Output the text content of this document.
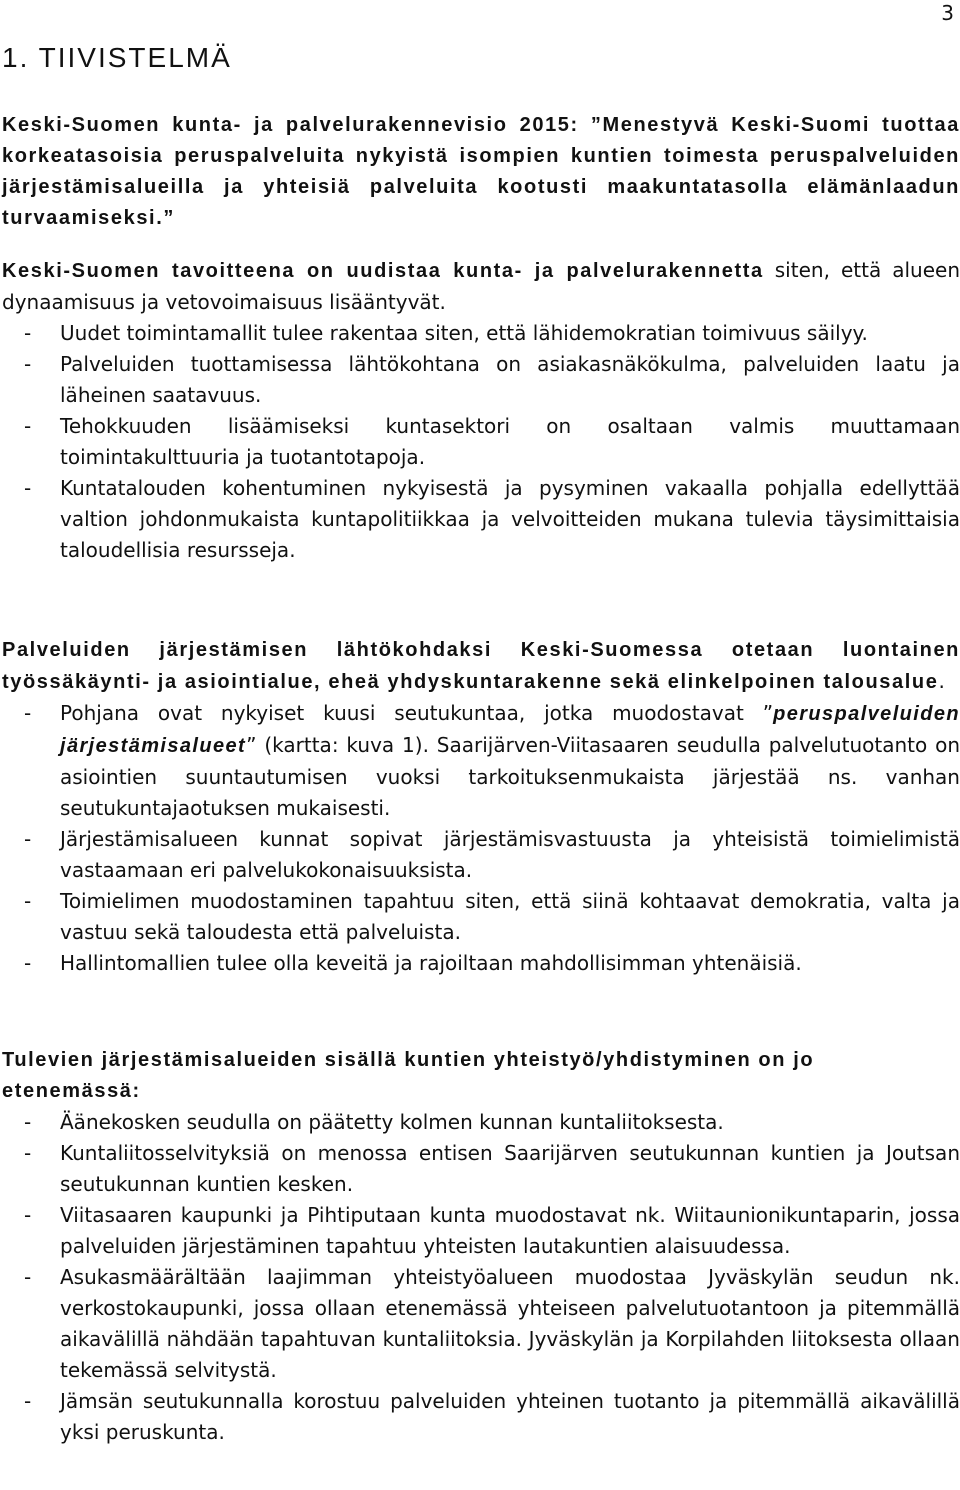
3
1. TIIVISTELMÄ

Keski-Suomen kunta- ja palvelurakennevisio 2015: ”Menestyvä Keski-Suomi tuottaa korkeatasoisia peruspalveluita nykyistä isompien kuntien toimesta peruspalveluiden järjestämisalueilla ja yhteisiä palveluita kootusti maakuntatasolla elämänlaadun turvaamiseksi.”

Keski-Suomen tavoitteena on uudistaa kunta- ja palvelurakennetta siten, että alueen dynaamisuus ja vetovoimaisuus lisääntyvät.

- Uudet toimintamallit tulee rakentaa siten, että lähidemokratian toimivuus säilyy.
- Palveluiden tuottamisessa lähtökohtana on asiakasnäkökulma, palveluiden laatu ja läheinen saatavuus.
- Tehokkuuden lisäämiseksi kuntasektori on osaltaan valmis muuttamaan toimintakulttuuria ja tuotantotapoja.
- Kuntatalouden kohentuminen nykyisestä ja pysyminen vakaalla pohjalla edellyttää valtion johdonmukaista kuntapolitiikkaa ja velvoitteiden mukana tulevia täysimittaisia taloudellisia resursseja.

Palveluiden järjestämisen lähtökohdaksi Keski-Suomessa otetaan luontainen työssäkäynti- ja asiointialue, eheä yhdyskuntarakenne sekä elinkelpoinen talousalue.

- Pohjana ovat nykyiset kuusi seutukuntaa, jotka muodostavat ”peruspalveluiden järjestämisalueet” (kartta: kuva 1). Saarijärven-Viitasaaren seudulla palvelutuotanto on asiointien suuntautumisen vuoksi tarkoituksenmukaista järjestää ns. vanhan seutukuntajaotuksen mukaisesti.
- Järjestämisalueen kunnat sopivat järjestämisvastuusta ja yhteisistä toimielimistä vastaamaan eri palvelukokonaisuuksista.
- Toimielimen muodostaminen tapahtuu siten, että siinä kohtaavat demokratia, valta ja vastuu sekä taloudesta että palveluista.
- Hallintomallien tulee olla keveitä ja rajoiltaan mahdollisimman yhtenäisiä.

Tulevien järjestämisalueiden sisällä kuntien yhteistyö/yhdistyminen on jo etenemässä:

- Äänekosken seudulla on päätetty kolmen kunnan kuntaliitoksesta.
- Kuntaliitosselvityksiä on menossa entisen Saarijärven seutukunnan kuntien ja Joutsan seutukunnan kuntien kesken.
- Viitasaaren kaupunki ja Pihtiputaan kunta muodostavat nk. Wiitaunionikuntaparin, jossa palveluiden järjestäminen tapahtuu yhteisten lautakuntien alaisuudessa.
- Asukasmäärältään laajimman yhteistyöalueen muodostaa Jyväskylän seudun nk. verkostokaupunki, jossa ollaan etenemässä yhteiseen palvelutuotantoon ja pitemmällä aikavälillä nähdään tapahtuvan kuntaliitoksia. Jyväskylän ja Korpilahden liitoksesta ollaan tekemässä selvitystä.
- Jämsän seutukunnalla korostuu palveluiden yhteinen tuotanto ja pitemmällä aikavälillä yksi peruskunta.
